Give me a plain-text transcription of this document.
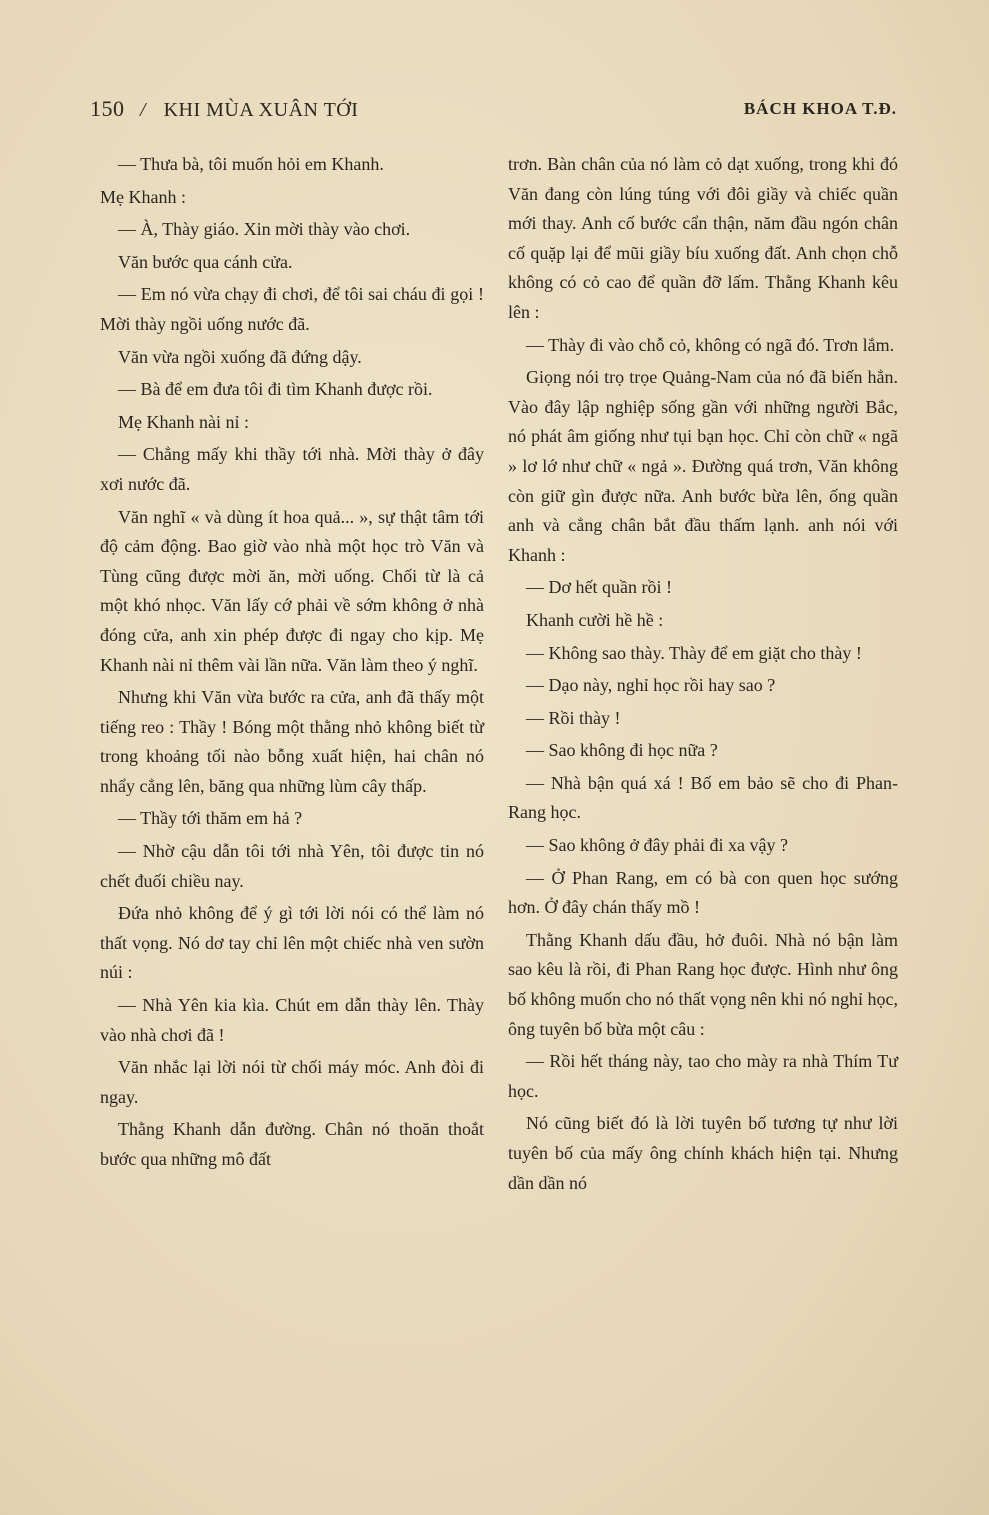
150 / KHI MÙA XUÂN TỚI	BÁCH KHOA T.Đ.

— Thưa bà, tôi muốn hỏi em Khanh.

Mẹ Khanh :

— À, Thày giáo. Xin mời thày vào chơi.

Văn bước qua cánh cửa.

— Em nó vừa chạy đi chơi, để tôi sai cháu đi gọi ! Mời thày ngồi uống nước đã.

Văn vừa ngồi xuống đã đứng dậy.

— Bà để em đưa tôi đi tìm Khanh được rồi.

Mẹ Khanh nài nỉ :

— Chẳng mấy khi thầy tới nhà. Mời thày ở đây xơi nước đã.

Văn nghĩ « và dùng ít hoa quả... », sự thật tâm tới độ cảm động. Bao giờ vào nhà một học trò Văn và Tùng cũng được mời ăn, mời uống. Chối từ là cả một khó nhọc. Văn lấy cớ phải về sớm không ở nhà đóng cửa, anh xin phép được đi ngay cho kịp. Mẹ Khanh nài nỉ thêm vài lần nữa. Văn làm theo ý nghĩ.

Nhưng khi Văn vừa bước ra cửa, anh đã thấy một tiếng reo : Thầy ! Bóng một thằng nhỏ không biết từ trong khoảng tối nào bỗng xuất hiện, hai chân nó nhẩy cẳng lên, băng qua những lùm cây thấp.

— Thầy tới thăm em hả ?

— Nhờ cậu dẫn tôi tới nhà Yên, tôi được tin nó chết đuối chiều nay.

Đứa nhỏ không để ý gì tới lời nói có thể làm nó thất vọng. Nó dơ tay chỉ lên một chiếc nhà ven sườn núi :

— Nhà Yên kia kìa. Chút em dẫn thày lên. Thày vào nhà chơi đã !

Văn nhắc lại lời nói từ chối máy móc. Anh đòi đi ngay.

Thằng Khanh dẫn đường. Chân nó thoăn thoắt bước qua những mô đất

trơn. Bàn chân của nó làm cỏ dạt xuống, trong khi đó Văn đang còn lúng túng với đôi giầy và chiếc quần mới thay. Anh cố bước cẩn thận, năm đầu ngón chân cố quặp lại để mũi giầy bíu xuống đất. Anh chọn chỗ không có cỏ cao để quần đỡ lấm. Thằng Khanh kêu lên :

— Thày đi vào chỗ cỏ, không có ngã đó. Trơn lắm.

Giọng nói trọ trọe Quảng-Nam của nó đã biến hẳn. Vào đây lập nghiệp sống gần với những người Bắc, nó phát âm giống như tụi bạn học. Chỉ còn chữ « ngã » lơ lớ như chữ « ngả ». Đường quá trơn, Văn không còn giữ gìn được nữa. Anh bước bừa lên, ống quần anh và cẳng chân bắt đầu thấm lạnh. anh nói với Khanh :

— Dơ hết quần rồi !

Khanh cười hề hề :

— Không sao thày. Thày để em giặt cho thày !

— Dạo này, nghỉ học rồi hay sao ?

— Rồi thày !

— Sao không đi học nữa ?

— Nhà bận quá xá ! Bố em bảo sẽ cho đi Phan-Rang học.

— Sao không ở đây phải đi xa vậy ?

— Ở Phan Rang, em có bà con quen học sướng hơn. Ở đây chán thấy mồ !

Thằng Khanh dấu đầu, hở đuôi. Nhà nó bận làm sao kêu là rồi, đi Phan Rang học được. Hình như ông bố không muốn cho nó thất vọng nên khi nó nghỉ học, ông tuyên bố bừa một câu :

— Rồi hết tháng này, tao cho mày ra nhà Thím Tư học.

Nó cũng biết đó là lời tuyên bố tương tự như lời tuyên bố của mấy ông chính khách hiện tại. Nhưng dần dần nó
